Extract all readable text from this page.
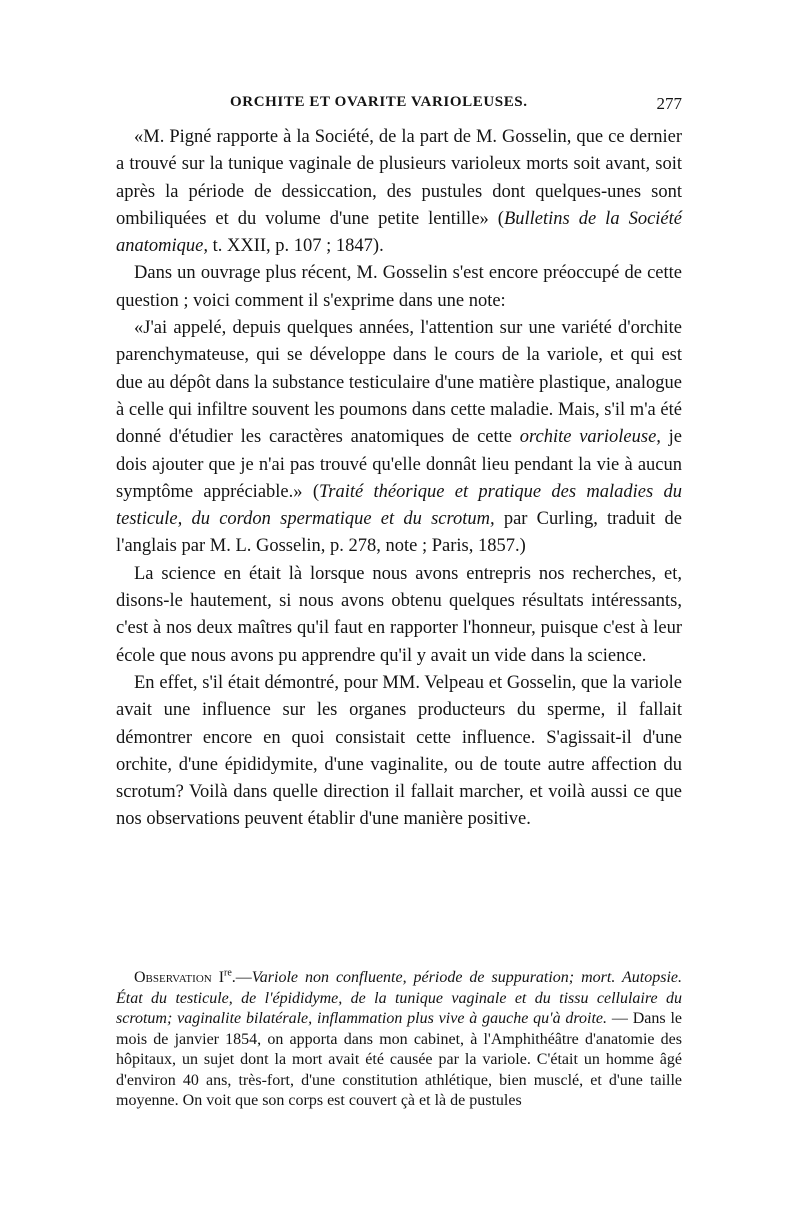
ORCHITE ET OVARITE VARIOLEUSES.	277

«M. Pigné rapporte à la Société, de la part de M. Gosselin, que ce dernier a trouvé sur la tunique vaginale de plusieurs varioleux morts soit avant, soit après la période de dessiccation, des pustules dont quelques-unes sont ombiliquées et du volume d'une petite lentille» (Bulletins de la Société anatomique, t. XXII, p. 107 ; 1847).

Dans un ouvrage plus récent, M. Gosselin s'est encore préoccupé de cette question ; voici comment il s'exprime dans une note:

«J'ai appelé, depuis quelques années, l'attention sur une variété d'orchite parenchymateuse, qui se développe dans le cours de la variole, et qui est due au dépôt dans la substance testiculaire d'une matière plastique, analogue à celle qui infiltre souvent les poumons dans cette maladie. Mais, s'il m'a été donné d'étudier les caractères anatomiques de cette orchite varioleuse, je dois ajouter que je n'ai pas trouvé qu'elle donnât lieu pendant la vie à aucun symptôme appréciable.» (Traité théorique et pratique des maladies du testicule, du cordon spermatique et du scrotum, par Curling, traduit de l'anglais par M. L. Gosselin, p. 278, note ; Paris, 1857.)

La science en était là lorsque nous avons entrepris nos recherches, et, disons-le hautement, si nous avons obtenu quelques résultats intéressants, c'est à nos deux maîtres qu'il faut en rapporter l'honneur, puisque c'est à leur école que nous avons pu apprendre qu'il y avait un vide dans la science.

En effet, s'il était démontré, pour MM. Velpeau et Gosselin, que la variole avait une influence sur les organes producteurs du sperme, il fallait démontrer encore en quoi consistait cette influence. S'agissait-il d'une orchite, d'une épididymite, d'une vaginalite, ou de toute autre affection du scrotum? Voilà dans quelle direction il fallait marcher, et voilà aussi ce que nos observations peuvent établir d'une manière positive.

Observation Ire.—Variole non confluente, période de suppuration; mort. Autopsie. État du testicule, de l'épididyme, de la tunique vaginale et du tissu cellulaire du scrotum; vaginalite bilatérale, inflammation plus vive à gauche qu'à droite. — Dans le mois de janvier 1854, on apporta dans mon cabinet, à l'Amphithéâtre d'anatomie des hôpitaux, un sujet dont la mort avait été causée par la variole. C'était un homme âgé d'environ 40 ans, très-fort, d'une constitution athlétique, bien musclé, et d'une taille moyenne. On voit que son corps est couvert çà et là de pustules
